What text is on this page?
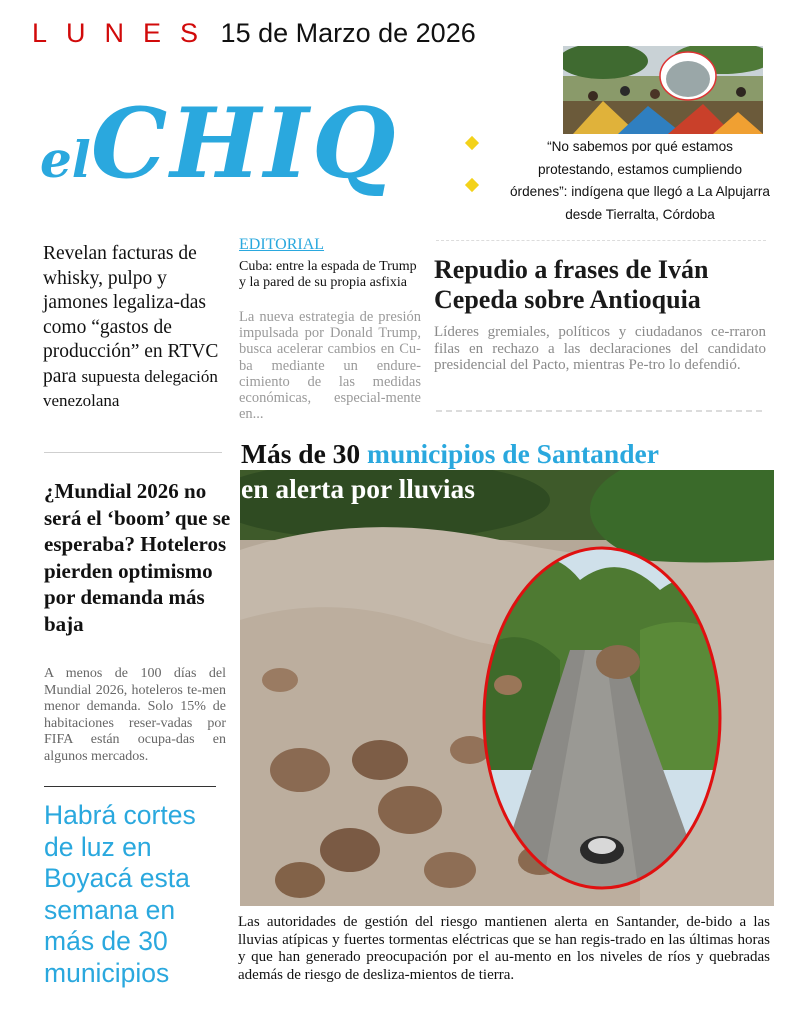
LUNES 15 de Marzo de 2026
elCHIQ	“No sabemos por qué estamos protestando, estamos cumpliendo órdenes”: indígena que llegó a La Alpujarra desde Tierralta, Córdoba
Revelan facturas de whisky, pulpo y jamones legaliza-das como “gastos de producción” en RTVC para supuesta delegación venezolana
EDITORIAL
Cuba: entre la espada de Trump y la pared de su propia asfixia
La nueva estrategia de presión impulsada por Donald Trump, busca acelerar cambios en Cu-ba mediante un endure-cimiento de las medidas económicas, especial-mente en...
Repudio a frases de Iván Cepeda sobre Antioquia
Líderes gremiales, políticos y ciudadanos ce-rraron filas en rechazo a las declaraciones del candidato presidencial del Pacto, mientras Pe-tro lo defendió.
¿Mundial 2026 no será el ‘boom’ que se esperaba? Hoteleros pierden optimismo por demanda más baja
A menos de 100 días del Mundial 2026, hoteleros te-men menor demanda. Solo 15% de habitaciones reser-vadas por FIFA están ocupa-das en algunos mercados.
Habrá cortes de luz en Boyacá esta semana en más de 30 municipios
Más de 30 municipios de Santander
en alerta por lluvias
Las autoridades de gestión del riesgo mantienen alerta en Santander, de-bido a las lluvias atípicas y fuertes tormentas eléctricas que se han regis-trado en las últimas horas y que han generado preocupación por el au-mento en los niveles de ríos y quebradas además de riesgo de desliza-mientos de tierra.
